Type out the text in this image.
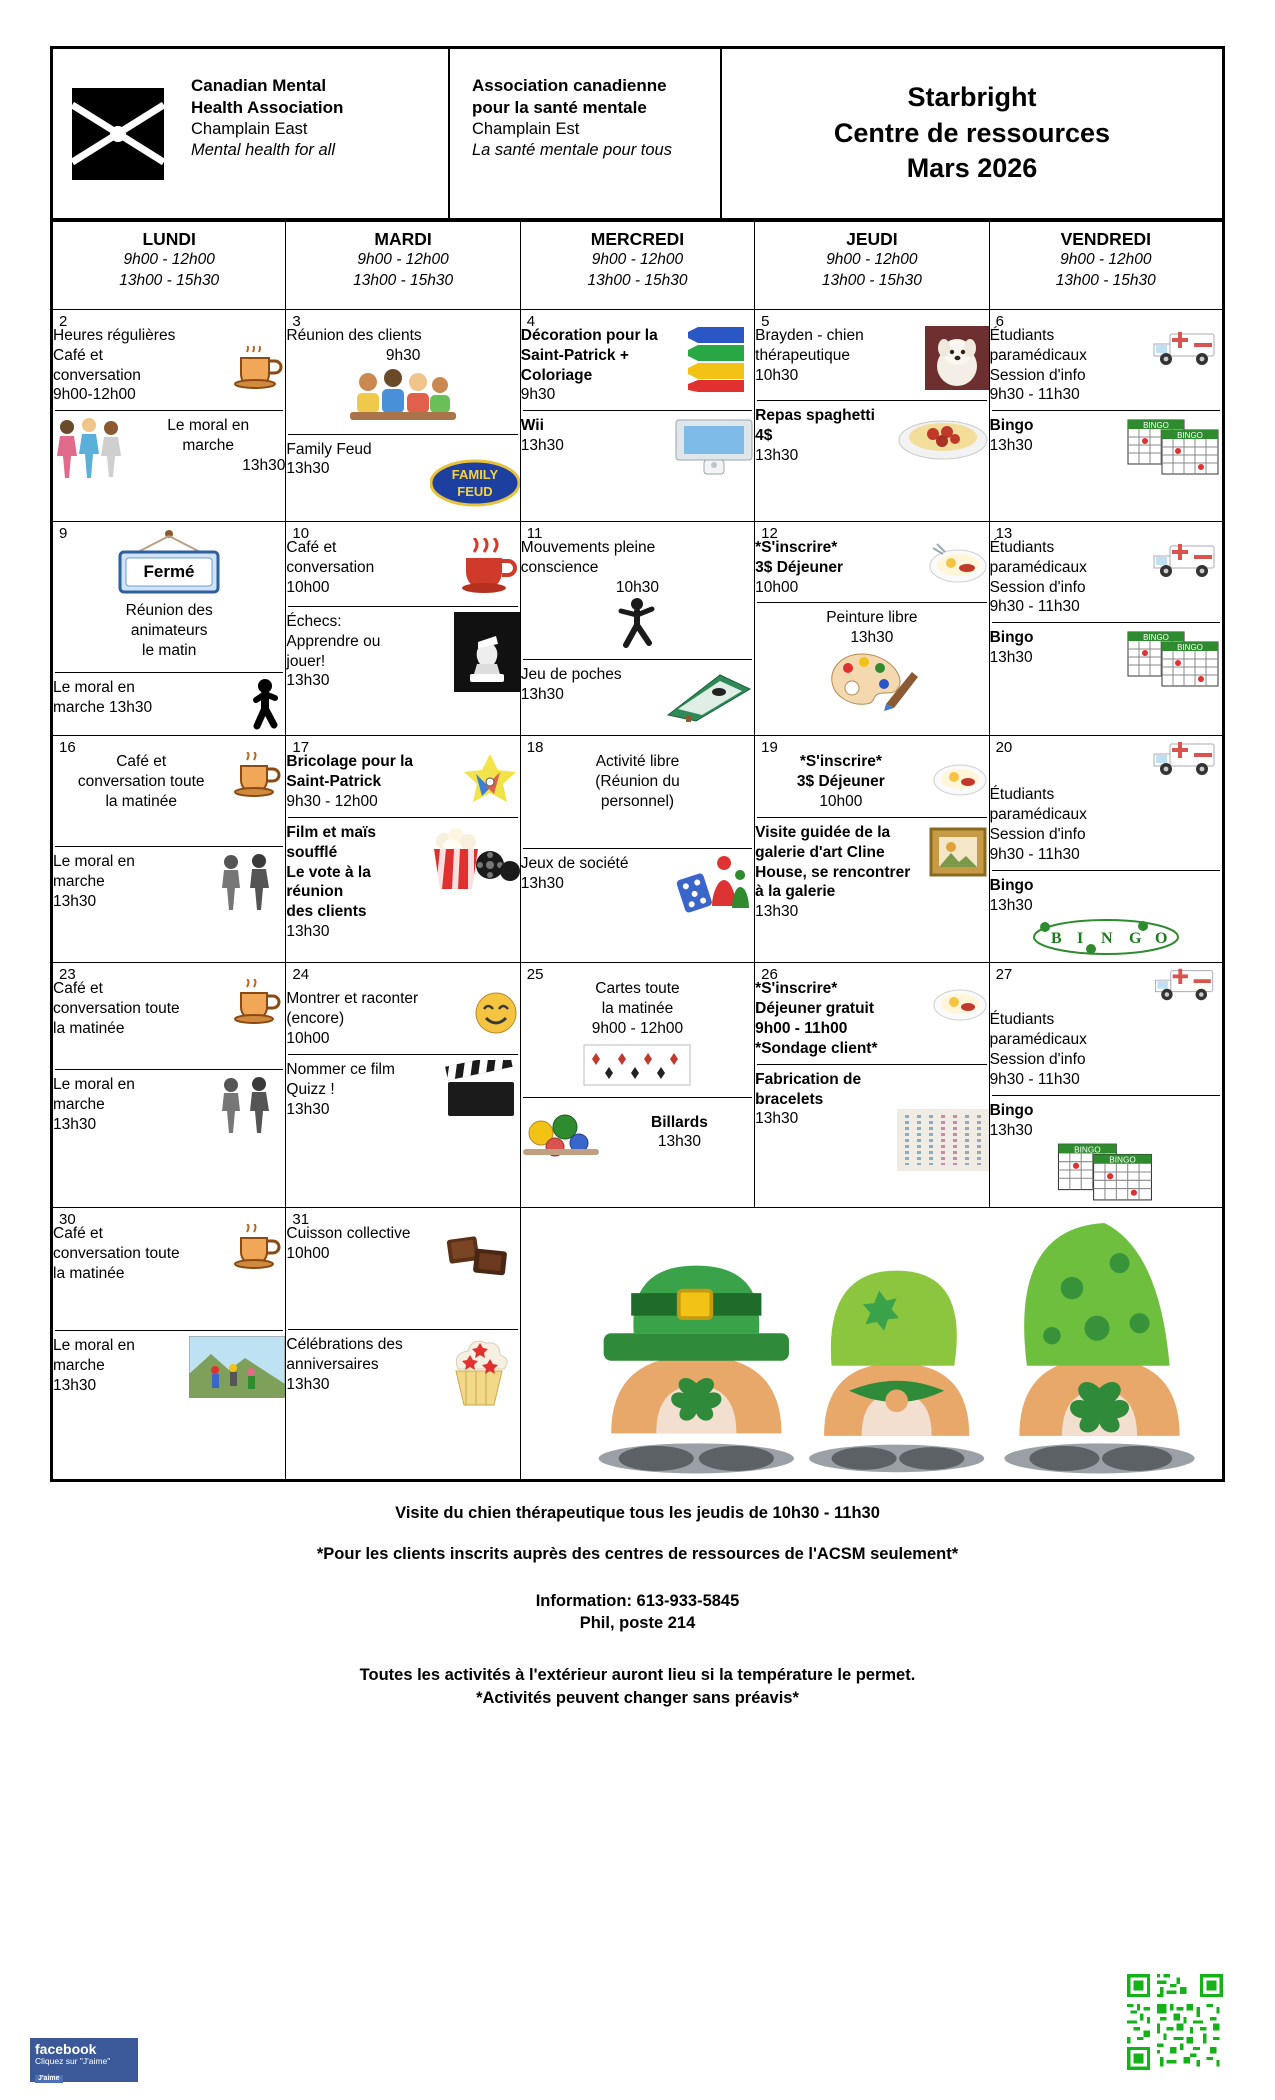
Canadian Mental
Health Association
Champlain East
Mental health for all
Association canadienne
pour la santé mentale
Champlain Est
La santé mentale pour tous
Starbright
Centre de ressources
Mars 2026
LUNDI
9h00 - 12h00
13h00 - 15h30

MARDI
9h00 - 12h00
13h00 - 15h30

MERCREDI
9h00 - 12h00
13h00 - 15h30

JEUDI
9h00 - 12h00
13h00 - 15h30

VENDREDI
9h00 - 12h00
13h00 - 15h30

2
Heures régulières
Café et
conversation
9h00-12h00
Le moral en
marche
13h30

3
Réunion des clients
9h30
Family Feud
13h30	FAMILY
FEUD

4
Décoration pour la
Saint-Patrick +
Coloriage
9h30
Wii
13h30

5
Brayden - chien
thérapeutique
10h30
Repas spaghetti
4$
13h30

6
Étudiants
paramédicaux
Session d'info
9h30 - 11h30
Bingo
13h30
BINGO
BINGO

9
Fermé
Réunion des
animateurs
le matin
Le moral en
marche 13h30

10
Café et
conversation
10h00
Échecs:
Apprendre ou
jouer!
13h30

11
Mouvements pleine
conscience
10h30
Jeu de poches
13h30

12
*S'inscrire*
3$ Déjeuner
10h00
Peinture libre
13h30

13
Étudiants
paramédicaux
Session d'info
9h30 - 11h30
Bingo
13h30
BINGO
BINGO

16
Café et
conversation toute
la matinée
Le moral en
marche
13h30

17
Bricolage pour la
Saint-Patrick
9h30 - 12h00
Film et maïs soufflé
Le vote à la réunion
des clients
13h30

18
Activité libre
(Réunion du
personnel)
Jeux de société
13h30

19
*S'inscrire*
3$ Déjeuner
10h00
Visite guidée de la
galerie d'art Cline
House, se rencontrer
à la galerie
13h30

20
Étudiants
paramédicaux
Session d'info
9h30 - 11h30
Bingo
13h30
B I N G O

23
Café et
conversation toute
la matinée
Le moral en
marche
13h30

24
Montrer et raconter
(encore)
10h00
Nommer ce film
Quizz !
13h30

25
Cartes toute
la matinée
9h00 - 12h00
Billards
13h30

26
*S'inscrire*
Déjeuner gratuit
9h00 - 11h00
*Sondage client*
Fabrication de
bracelets
13h30

27
Étudiants
paramédicaux
Session d'info
9h30 - 11h30
Bingo
13h30
BINGO
BINGO

30
Café et
conversation toute
la matinée
Le moral en
marche
13h30

31
Cuisson collective
10h00
Célébrations des
anniversaires
13h30

Visite du chien thérapeutique tous les jeudis de 10h30 - 11h30
*Pour les clients inscrits auprès des centres de ressources de l'ACSM seulement*
Information: 613-933-5845
Phil, poste 214
Toutes les activités à l'extérieur auront lieu si la température le permet.
*Activités peuvent changer sans préavis*
facebook
Cliquez sur "J'aime"
J'aime
